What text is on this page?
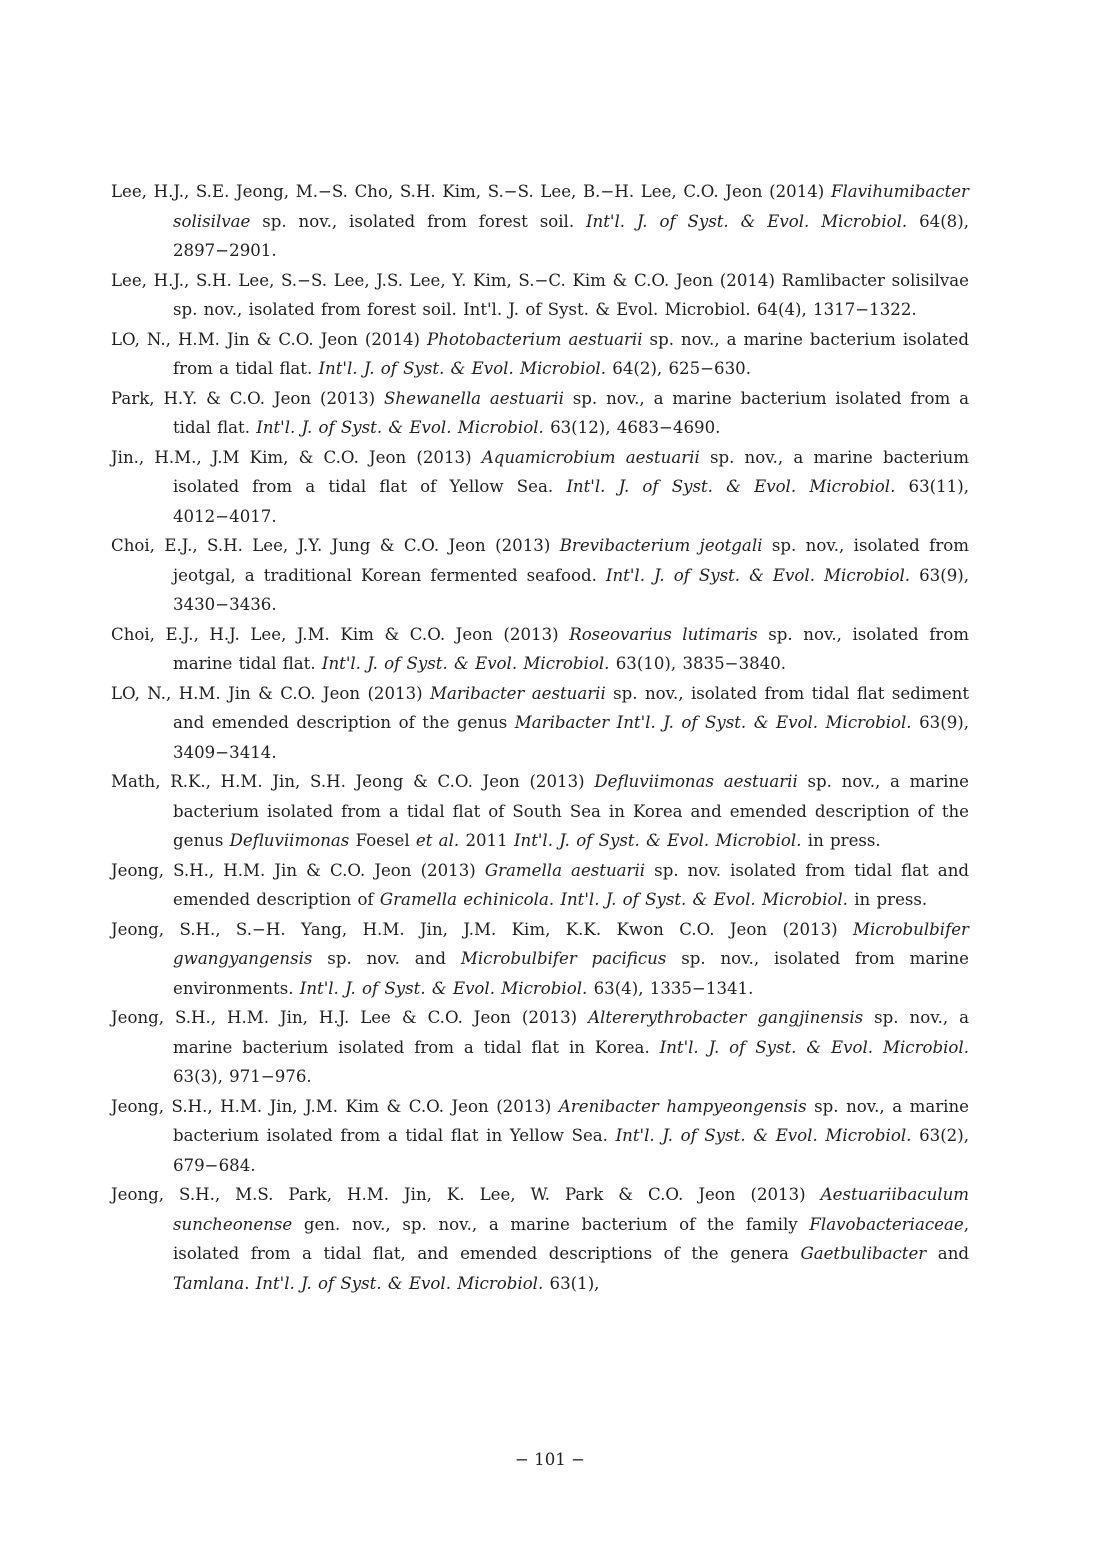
Lee, H.J., S.E. Jeong, M.−S. Cho, S.H. Kim, S.−S. Lee, B.−H. Lee, C.O. Jeon (2014) Flavihumibacter solisilvae sp. nov., isolated from forest soil. Int'l. J. of Syst. & Evol. Microbiol. 64(8), 2897−2901.

Lee, H.J., S.H. Lee, S.−S. Lee, J.S. Lee, Y. Kim, S.−C. Kim & C.O. Jeon (2014) Ramlibacter solisilvae sp. nov., isolated from forest soil. Int'l. J. of Syst. & Evol. Microbiol. 64(4), 1317−1322.

LO, N., H.M. Jin & C.O. Jeon (2014) Photobacterium aestuarii sp. nov., a marine bacterium isolated from a tidal flat. Int'l. J. of Syst. & Evol. Microbiol. 64(2), 625−630.

Park, H.Y. & C.O. Jeon (2013) Shewanella aestuarii sp. nov., a marine bacterium isolated from a tidal flat. Int'l. J. of Syst. & Evol. Microbiol. 63(12), 4683−4690.

Jin., H.M., J.M Kim, & C.O. Jeon (2013) Aquamicrobium aestuarii sp. nov., a marine bacterium isolated from a tidal flat of Yellow Sea. Int'l. J. of Syst. & Evol. Microbiol. 63(11), 4012−4017.

Choi, E.J., S.H. Lee, J.Y. Jung & C.O. Jeon (2013) Brevibacterium jeotgali sp. nov., isolated from jeotgal, a traditional Korean fermented seafood. Int'l. J. of Syst. & Evol. Microbiol. 63(9), 3430−3436.

Choi, E.J., H.J. Lee, J.M. Kim & C.O. Jeon (2013) Roseovarius lutimaris sp. nov., isolated from marine tidal flat. Int'l. J. of Syst. & Evol. Microbiol. 63(10), 3835−3840.

LO, N., H.M. Jin & C.O. Jeon (2013) Maribacter aestuarii sp. nov., isolated from tidal flat sediment and emended description of the genus Maribacter Int'l. J. of Syst. & Evol. Microbiol. 63(9), 3409−3414.

Math, R.K., H.M. Jin, S.H. Jeong & C.O. Jeon (2013) Defluviimonas aestuarii sp. nov., a marine bacterium isolated from a tidal flat of South Sea in Korea and emended description of the genus Defluviimonas Foesel et al. 2011 Int'l. J. of Syst. & Evol. Microbiol. in press.

Jeong, S.H., H.M. Jin & C.O. Jeon (2013) Gramella aestuarii sp. nov. isolated from tidal flat and emended description of Gramella echinicola. Int'l. J. of Syst. & Evol. Microbiol. in press.

Jeong, S.H., S.−H. Yang, H.M. Jin, J.M. Kim, K.K. Kwon C.O. Jeon (2013) Microbulbifer gwangyangensis sp. nov. and Microbulbifer pacificus sp. nov., isolated from marine environments. Int'l. J. of Syst. & Evol. Microbiol. 63(4), 1335−1341.

Jeong, S.H., H.M. Jin, H.J. Lee & C.O. Jeon (2013) Altererythrobacter gangjinensis sp. nov., a marine bacterium isolated from a tidal flat in Korea. Int'l. J. of Syst. & Evol. Microbiol. 63(3), 971−976.

Jeong, S.H., H.M. Jin, J.M. Kim & C.O. Jeon (2013) Arenibacter hampyeongensis sp. nov., a marine bacterium isolated from a tidal flat in Yellow Sea. Int'l. J. of Syst. & Evol. Microbiol. 63(2), 679−684.

Jeong, S.H., M.S. Park, H.M. Jin, K. Lee, W. Park & C.O. Jeon (2013) Aestuariibaculum suncheonense gen. nov., sp. nov., a marine bacterium of the family Flavobacteriaceae, isolated from a tidal flat, and emended descriptions of the genera Gaetbulibacter and Tamlana. Int'l. J. of Syst. & Evol. Microbiol. 63(1),

− 101 −
